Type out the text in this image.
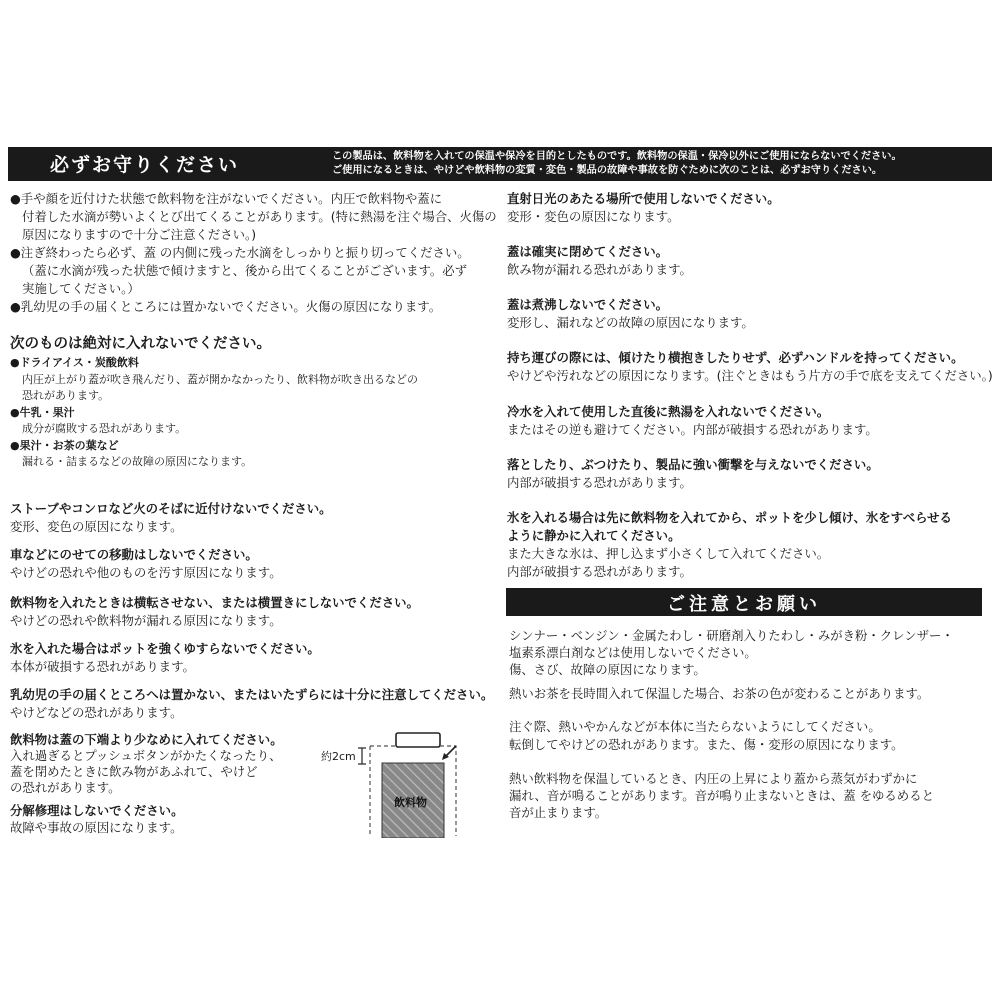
必ずお守りください	この製品は、飲料物を入れての保温や保冷を目的としたものです。飲料物の保温・保冷以外にご使用にならないでください。
ご使用になるときは、やけどや飲料物の変質・変色・製品の故障や事故を防ぐために次のことは、必ずお守りください。
●手や顔を近付けた状態で飲料物を注がないでください。内圧で飲料物や蓋に
付着した水滴が勢いよくとび出てくることがあります。(特に熱湯を注ぐ場合、火傷の
原因になりますので十分ご注意ください。)
●注ぎ終わったら必ず、蓋 の内側に残った水滴をしっかりと振り切ってください。
（蓋に水滴が残った状態で傾けますと、後から出てくることがございます。必ず
実施してください。）
●乳幼児の手の届くところには置かないでください。火傷の原因になります。
次のものは絶対に入れないでください。
●ドライアイス・炭酸飲料
内圧が上がり蓋が吹き飛んだり、蓋が開かなかったり、飲料物が吹き出るなどの
恐れがあります。
●牛乳・果汁
成分が腐敗する恐れがあります。
●果汁・お茶の葉など
漏れる・詰まるなどの故障の原因になります。
ストーブやコンロなど火のそばに近付けないでください。
変形、変色の原因になります。
車などにのせての移動はしないでください。
やけどの恐れや他のものを汚す原因になります。
飲料物を入れたときは横転させない、または横置きにしないでください。
やけどの恐れや飲料物が漏れる原因になります。
氷を入れた場合はポットを強くゆすらないでください。
本体が破損する恐れがあります。
乳幼児の手の届くところへは置かない、またはいたずらには十分に注意してください。
やけどなどの恐れがあります。
飲料物は蓋の下端より少なめに入れてください。
入れ過ぎるとプッシュボタンがかたくなったり、
蓋を閉めたときに飲み物があふれて、やけど
の恐れがあります。
分解修理はしないでください。
故障や事故の原因になります。
約2cm
飲料物
直射日光のあたる場所で使用しないでください。
変形・変色の原因になります。
蓋は確実に閉めてください。
飲み物が漏れる恐れがあります。
蓋は煮沸しないでください。
変形し、漏れなどの故障の原因になります。
持ち運びの際には、傾けたり横抱きしたりせず、必ずハンドルを持ってください。
やけどや汚れなどの原因になります。(注ぐときはもう片方の手で底を支えてください。)
冷水を入れて使用した直後に熱湯を入れないでください。
またはその逆も避けてください。内部が破損する恐れがあります。
落としたり、ぶつけたり、製品に強い衝撃を与えないでください。
内部が破損する恐れがあります。
氷を入れる場合は先に飲料物を入れてから、ポットを少し傾け、氷をすべらせる
ように静かに入れてください。
また大きな氷は、押し込まず小さくして入れてください。
内部が破損する恐れがあります。
ご注意とお願い
シンナー・ベンジン・金属たわし・研磨剤入りたわし・みがき粉・クレンザー・
塩素系漂白剤などは使用しないでください。
傷、さび、故障の原因になります。
熱いお茶を長時間入れて保温した場合、お茶の色が変わることがあります。
注ぐ際、熱いやかんなどが本体に当たらないようにしてください。
転倒してやけどの恐れがあります。また、傷・変形の原因になります。
熱い飲料物を保温しているとき、内圧の上昇により蓋から蒸気がわずかに
漏れ、音が鳴ることがあります。音が鳴り止まないときは、蓋 をゆるめると
音が止まります。
